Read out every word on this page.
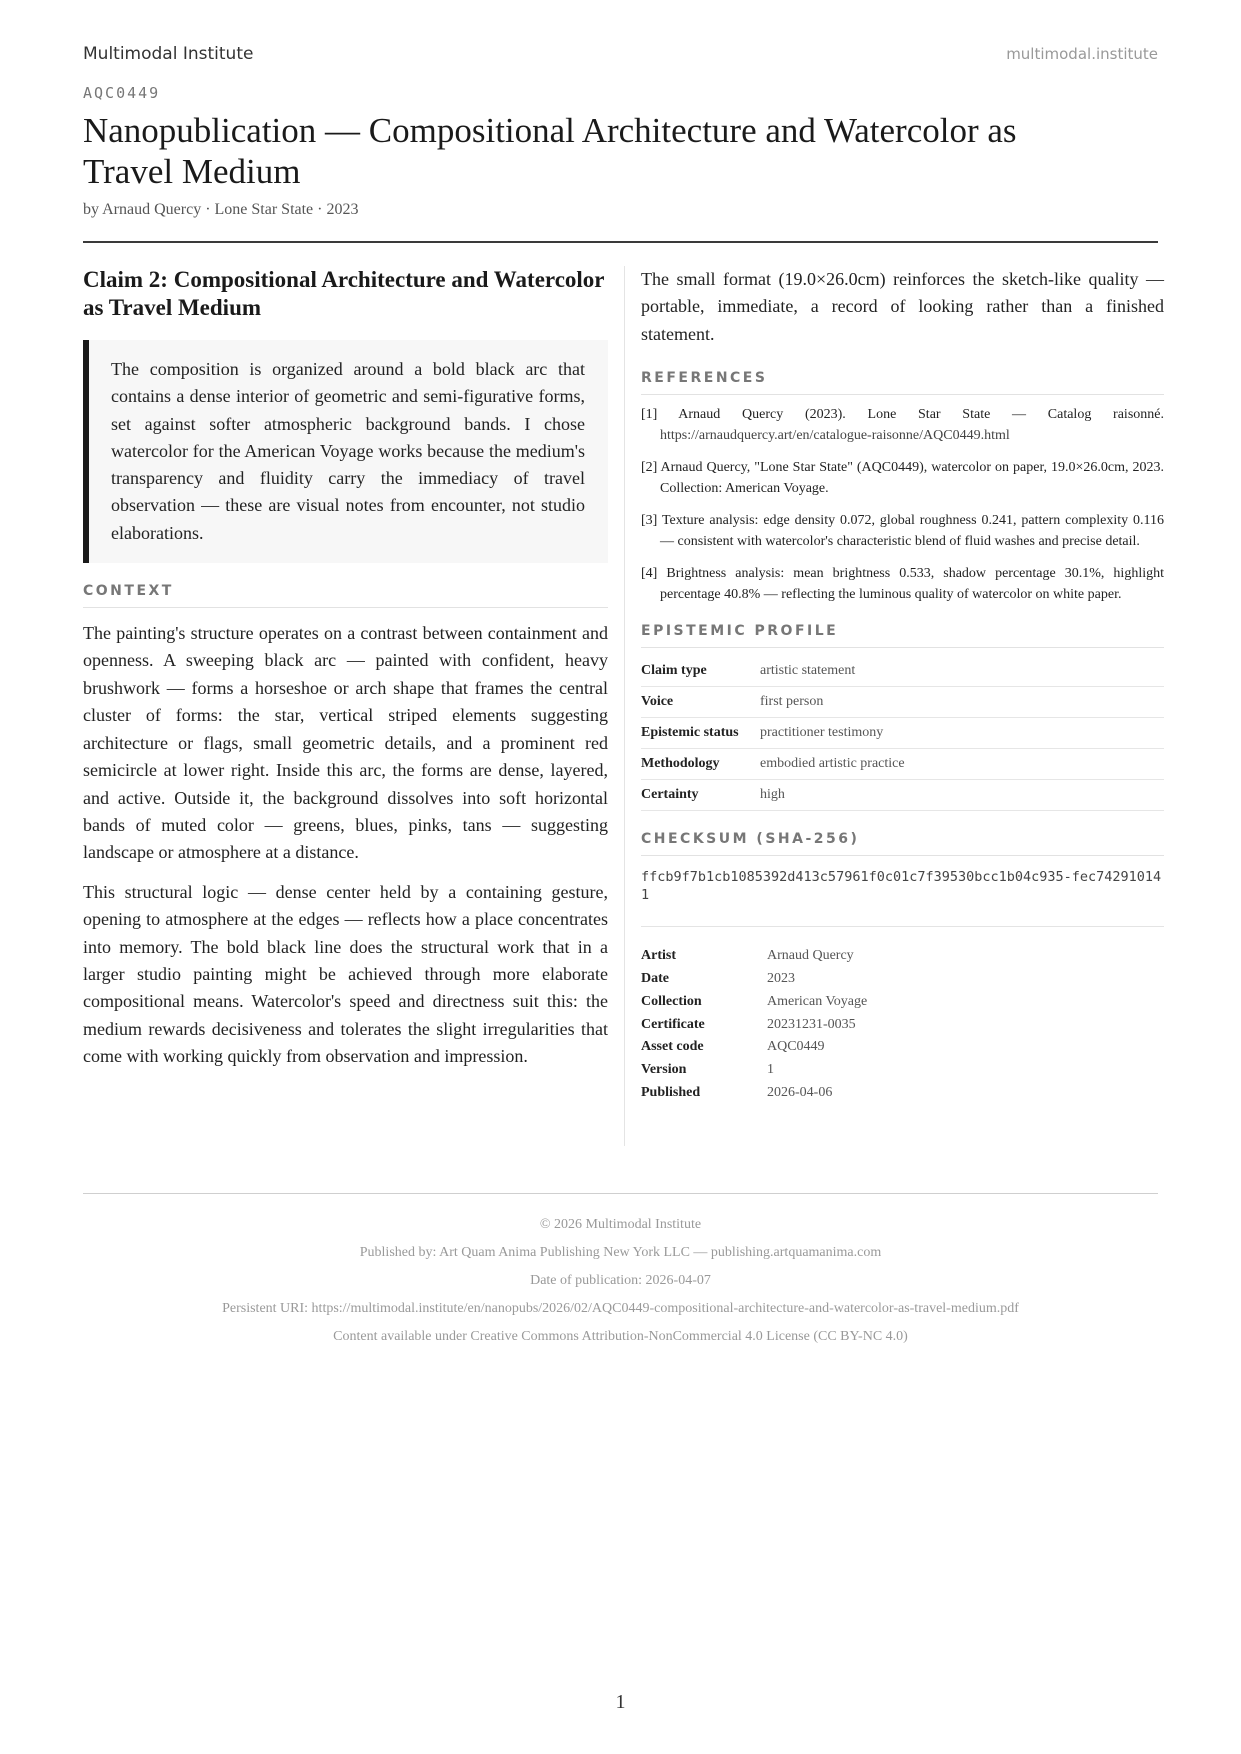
Multimodal Institute	multimodal.institute
AQC0449
Nanopublication — Compositional Architecture and Watercolor as Travel Medium
by Arnaud Quercy · Lone Star State · 2023
Claim 2: Compositional Architecture and Watercolor as Travel Medium
The composition is organized around a bold black arc that contains a dense interior of geometric and semi-figurative forms, set against softer atmospheric background bands. I chose watercolor for the American Voyage works because the medium's transparency and fluidity carry the immediacy of travel observation — these are visual notes from encounter, not studio elaborations.
CONTEXT

The painting's structure operates on a contrast between containment and openness. A sweeping black arc — painted with confident, heavy brushwork — forms a horseshoe or arch shape that frames the central cluster of forms: the star, vertical striped elements suggesting architecture or flags, small geometric details, and a prominent red semicircle at lower right. Inside this arc, the forms are dense, layered, and active. Outside it, the background dissolves into soft horizontal bands of muted color — greens, blues, pinks, tans — suggesting landscape or atmosphere at a distance.

This structural logic — dense center held by a containing gesture, opening to atmosphere at the edges — reflects how a place concentrates into memory. The bold black line does the structural work that in a larger studio painting might be achieved through more elaborate compositional means. Watercolor's speed and directness suit this: the medium rewards decisiveness and tolerates the slight irregularities that come with working quickly from observation and impression.

The small format (19.0×26.0cm) reinforces the sketch-like quality — portable, immediate, a record of looking rather than a finished statement.

REFERENCES
[1] Arnaud Quercy (2023). Lone Star State — Catalog raisonné. https://arnaudquercy.art/en/catalogue-raisonne/AQC0449.html
[2] Arnaud Quercy, "Lone Star State" (AQC0449), watercolor on paper, 19.0×26.0cm, 2023. Collection: American Voyage.
[3] Texture analysis: edge density 0.072, global roughness 0.241, pattern complexity 0.116 — consistent with watercolor's characteristic blend of fluid washes and precise detail.
[4] Brightness analysis: mean brightness 0.533, shadow percentage 30.1%, highlight percentage 40.8% — reflecting the luminous quality of watercolor on white paper.
EPISTEMIC PROFILE
Claim type	artistic statement
Voice	first person
Epistemic status	practitioner testimony
Methodology	embodied artistic practice
Certainty	high
CHECKSUM (SHA-256)
ffcb9f7b1cb1085392d413c57961f0c01c7f39530bcc1b04c935-fec742910141
Artist	Arnaud Quercy
Date	2023
Collection	American Voyage
Certificate	20231231-0035
Asset code	AQC0449
Version	1
Published	2026-04-06
© 2026 Multimodal Institute
Published by: Art Quam Anima Publishing New York LLC — publishing.artquamanima.com
Date of publication: 2026-04-07
Persistent URI: https://multimodal.institute/en/nanopubs/2026/02/AQC0449-compositional-architecture-and-watercolor-as-travel-medium.pdf
Content available under Creative Commons Attribution-NonCommercial 4.0 License (CC BY-NC 4.0)
1
